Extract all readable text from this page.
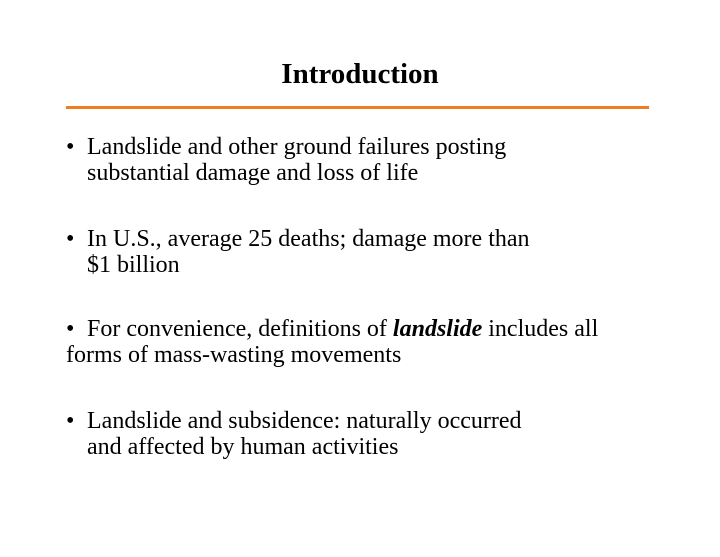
Introduction
• Landslide and other ground failures posting
substantial damage and loss of life
• In U.S., average 25 deaths; damage more than
$1 billion
• For convenience, definitions of landslide includes all
forms of mass-wasting movements
• Landslide and subsidence: naturally occurred
and affected by human activities
